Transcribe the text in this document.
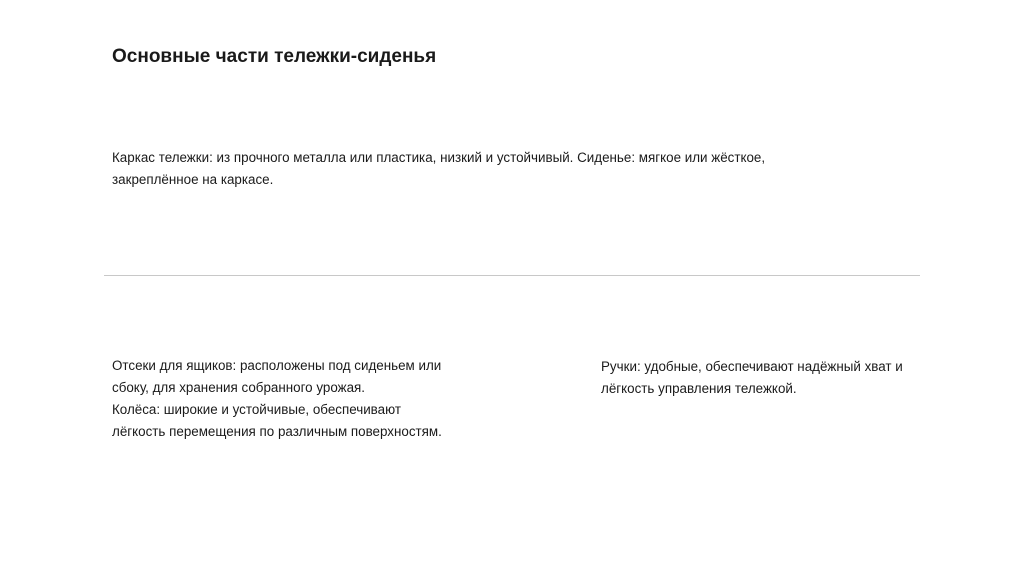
Основные части тележки-сиденья

Каркас тележки: из прочного металла или пластика, низкий и устойчивый. Сиденье: мягкое или жёсткое, закреплённое на каркасе.

Отсеки для ящиков: расположены под сиденьем или сбоку, для хранения собранного урожая.

Колёса: широкие и устойчивые, обеспечивают лёгкость перемещения по различным поверхностям.

Ручки: удобные, обеспечивают надёжный хват и лёгкость управления тележкой.
